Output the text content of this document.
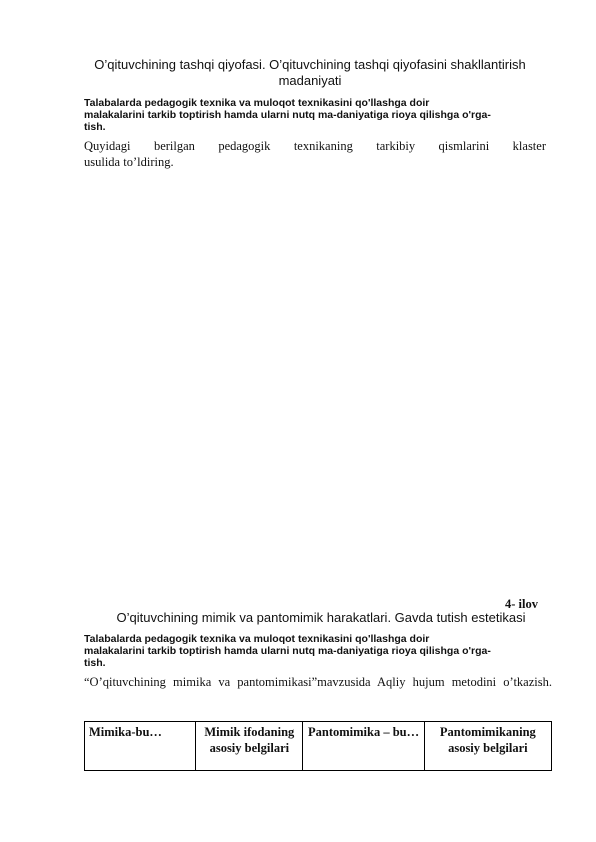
O’qituvchining tashqi qiyofasi. O’qituvchining tashqi qiyofasini shakllantirish
madaniyati
Talabalarda pedagogik texnika va muloqot texnikasini qo'llashga doir
malakalarini tarkib toptirish hamda ularni nutq ma-daniyatiga rioya qilishga o'rga-
tish.
Quyidagi berilgan pedagogik texnikaning tarkibiy qismlarini klaster
usulida to’ldiring.
4- ilov
O’qituvchining mimik va pantomimik harakatlari. Gavda tutish estetikasi
Talabalarda pedagogik texnika va muloqot texnikasini qo'llashga doir
malakalarini tarkib toptirish hamda ularni nutq ma-daniyatiga rioya qilishga o'rga-
tish.
“O’qituvchining mimika va pantomimikasi”mavzusida Aqliy hujum metodini o’tkazish.
Mimika-bu…	Mimik ifodaning asosiy belgilari	Pantomimika – bu…	Pantomimikaning asosiy belgilari
